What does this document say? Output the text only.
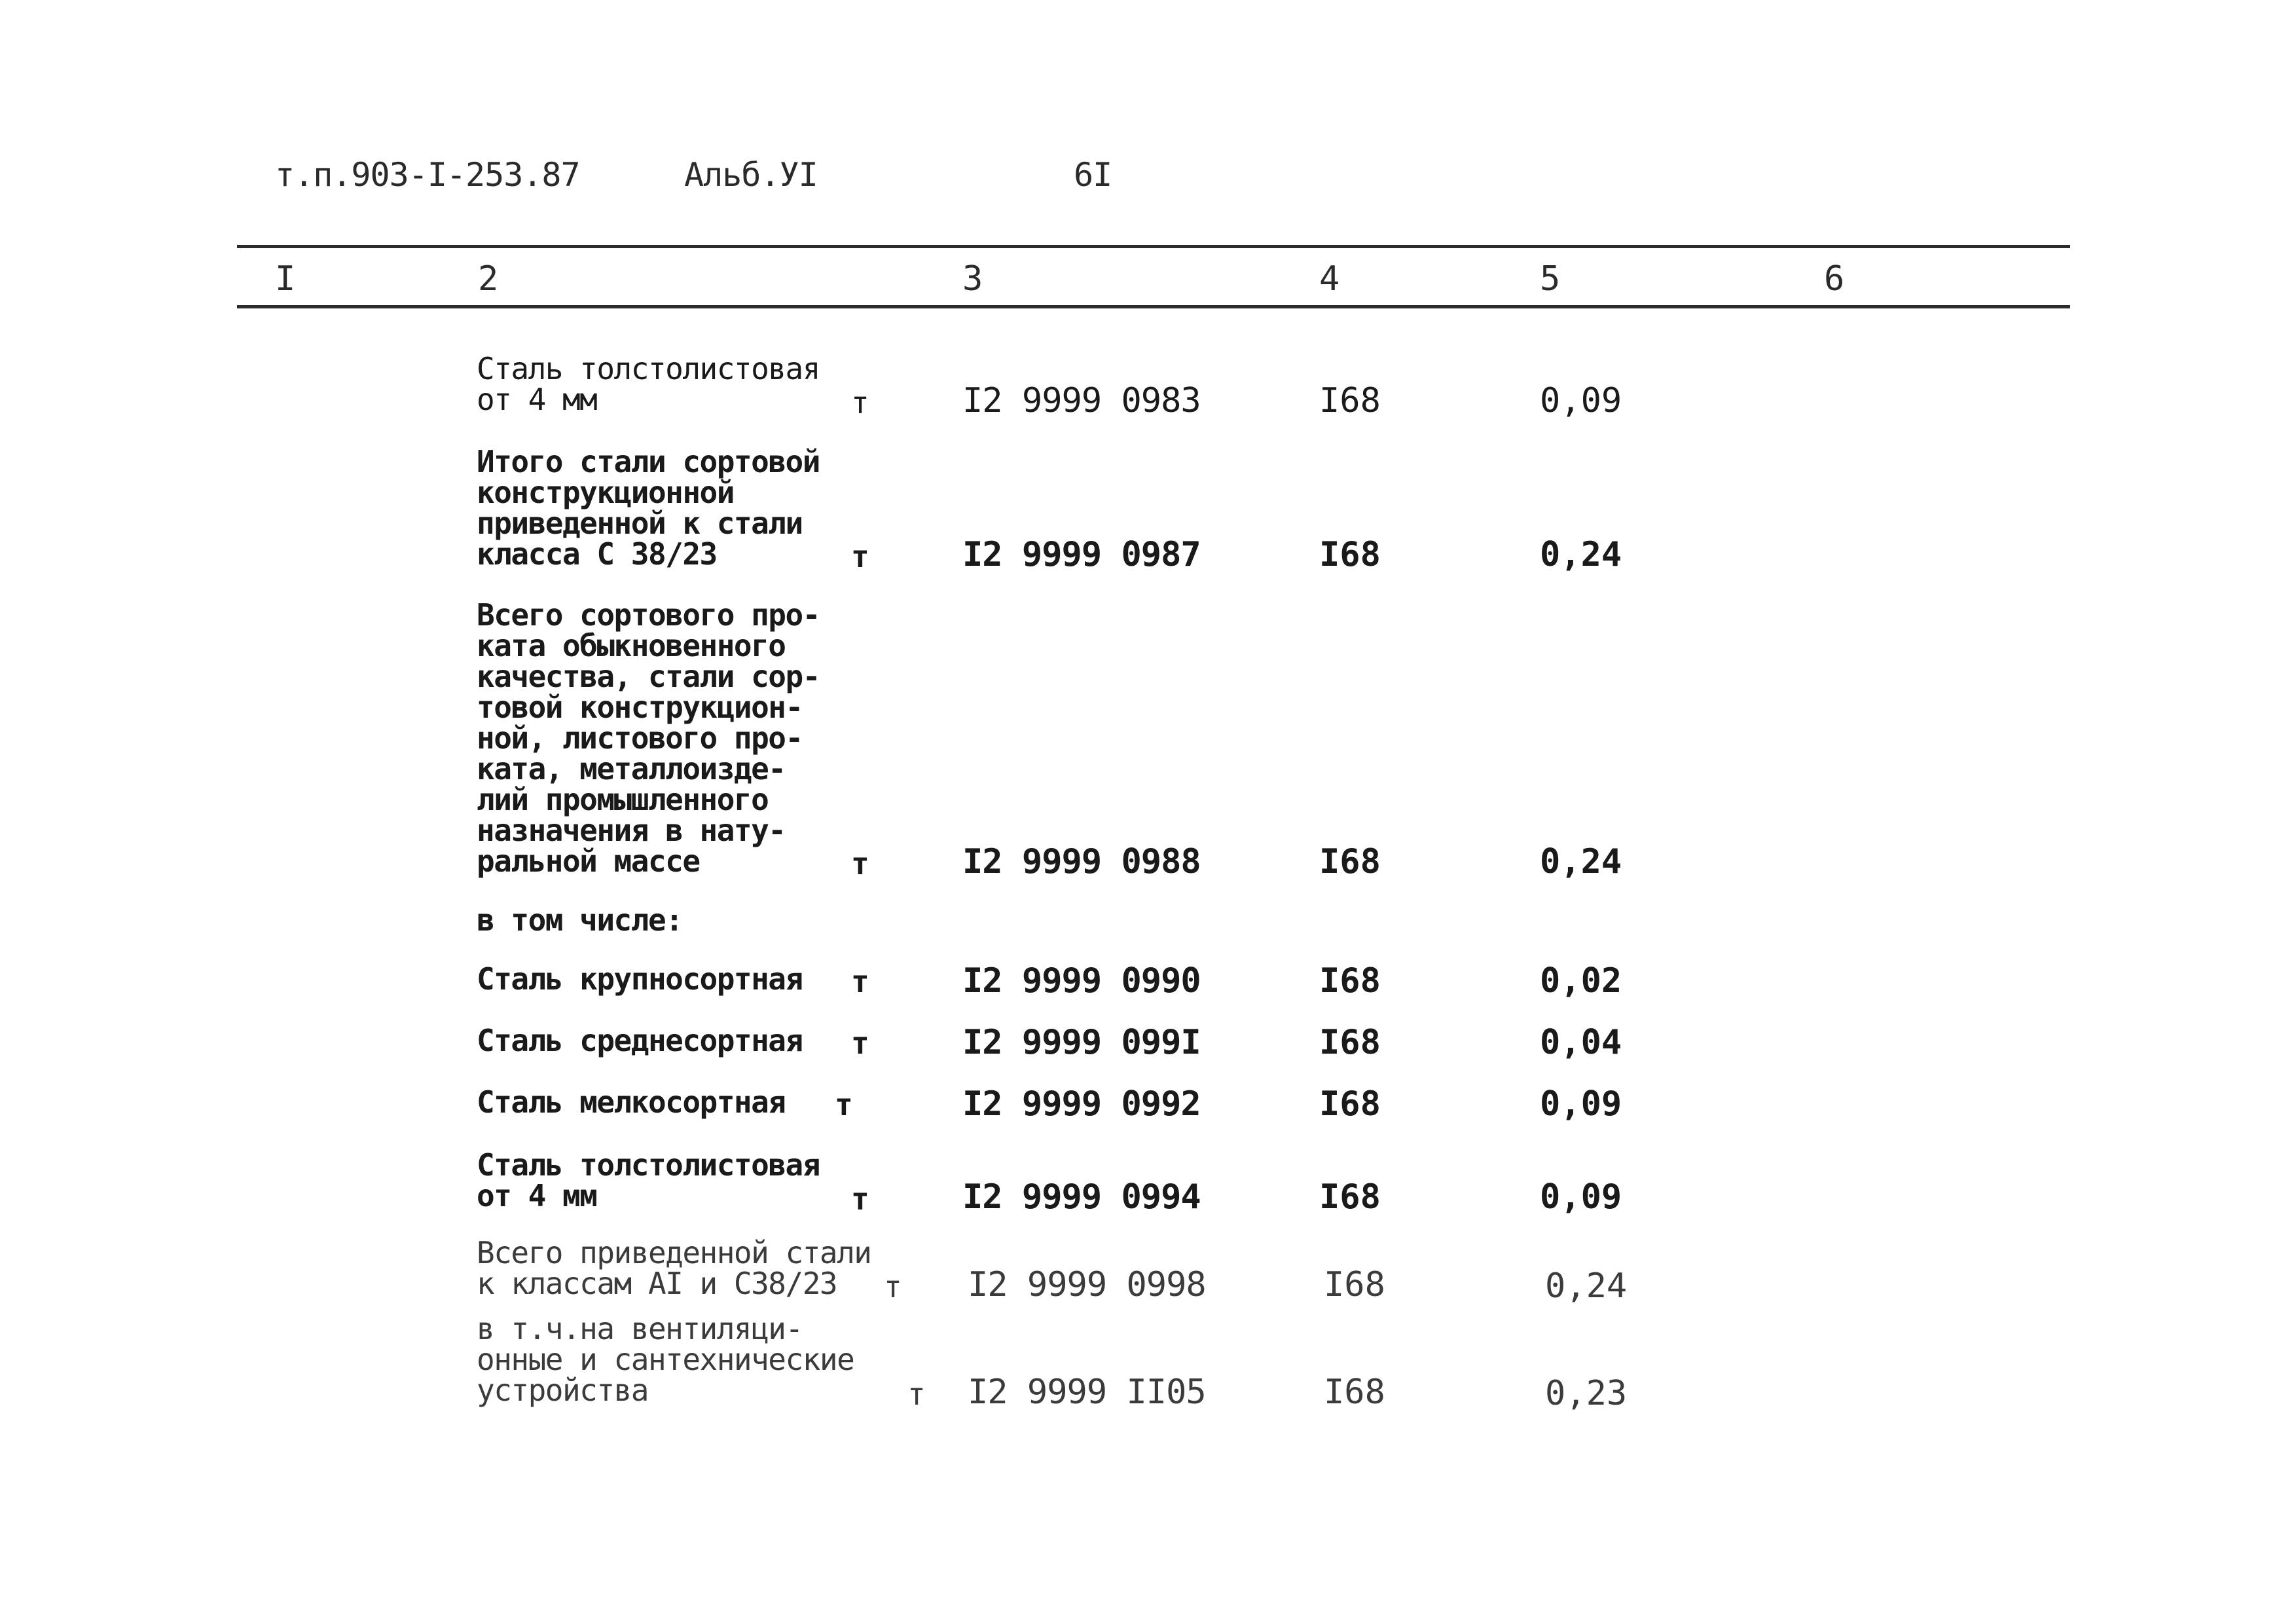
т.п.903-I-253.87	Альб.УI	6I
I	2	3	4	5	6
Сталь толстолистовая
от 4 мм	т	I2 9999 0983	I68	0,09
Итого стали сортовой
конструкционной
приведенной к стали
класса С 38/23	т	I2 9999 0987	I68	0,24
Всего сортового про-
ката обыкновенного
качества, стали сор-
товой конструкцион-
ной, листового про-
ката, металлоизде-
лий промышленного
назначения в нату-
ральной массе	т	I2 9999 0988	I68	0,24
в том числе:
Сталь крупносортная т	I2 9999 0990	I68	0,02
Сталь среднесортная т	I2 9999 099I	I68	0,04
Сталь мелкосортная т	I2 9999 0992	I68	0,09
Сталь толстолистовая
от 4 мм	т	I2 9999 0994	I68	0,09
Всего приведенной стали
к классам АI и С38/23	т I2 9999 0998	I68	0,24
в т.ч.на вентиляци-
онные и сантехнические
устройства	т I2 9999 II05	I68	0,23
